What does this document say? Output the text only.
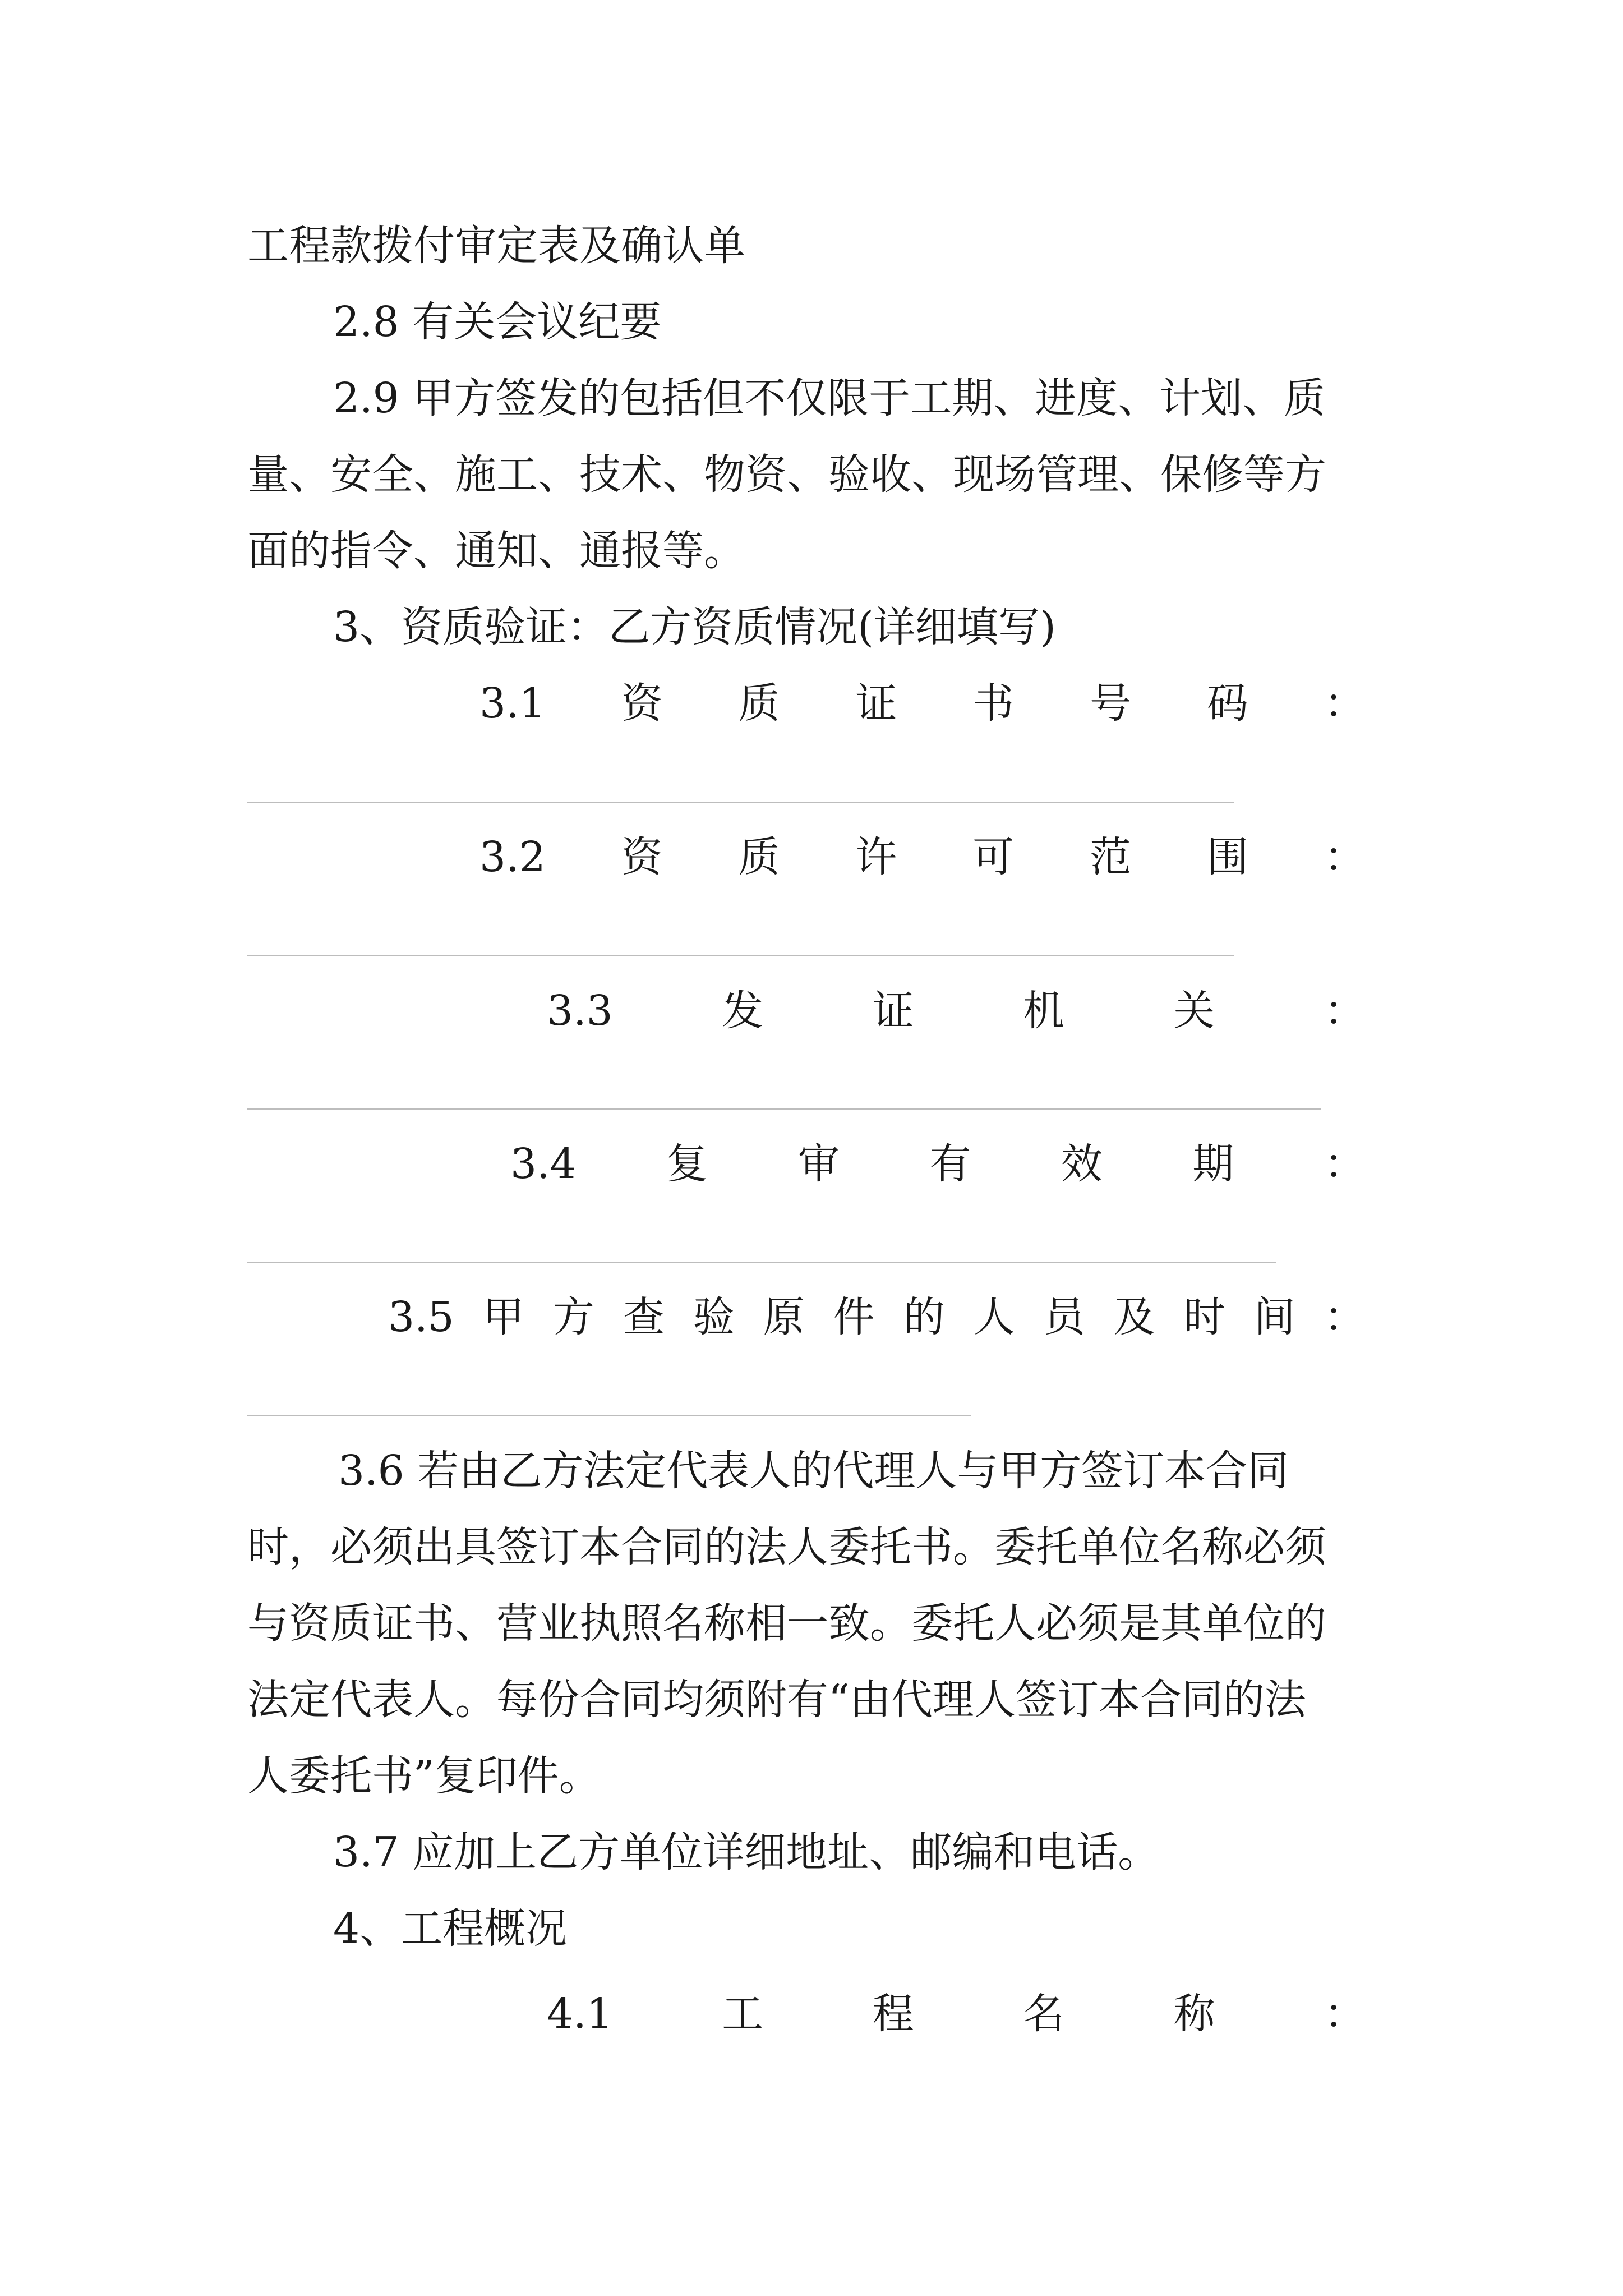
工程款拨付审定表及确认单
2.8 有关会议纪要
2.9 甲方签发的包括但不仅限于工期、进度、计划、质
量、安全、施工、技术、物资、验收、现场管理、保修等方
面的指令、通知、通报等。
3、资质验证：乙方资质情况(详细填写)
3.1 资 质 证 书 号 码 ：
3.2 资 质 许 可 范 围 ：
3.3	发	证	机	关	：
3.4 复 审 有 效 期 ：
3.5 甲 方 查 验 原 件 的 人 员 及 时 间 ：
3.6 若由乙方法定代表人的代理人与甲方签订本合同
时，必须出具签订本合同的法人委托书。委托单位名称必须
与资质证书、营业执照名称相一致。委托人必须是其单位的
法定代表人。每份合同均须附有“由代理人签订本合同的法
人委托书”复印件。
3.7 应加上乙方单位详细地址、邮编和电话。
4、工程概况
4.1	工	程	名	称	：
